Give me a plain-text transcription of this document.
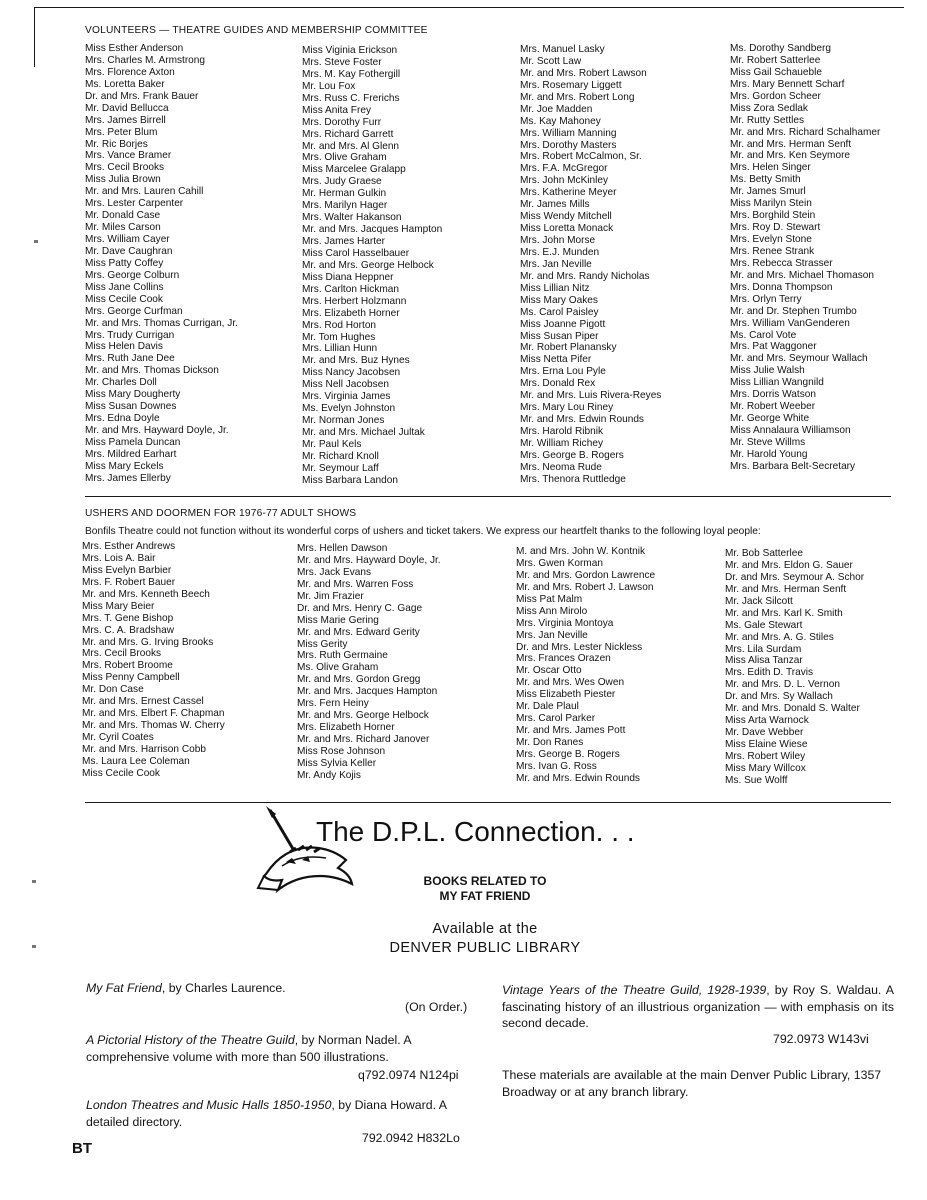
VOLUNTEERS — THEATRE GUIDES AND MEMBERSHIP COMMITTEE
Miss Esther Anderson
Mrs. Charles M. Armstrong
Mrs. Florence Axton
Ms. Loretta Baker
Dr. and Mrs. Frank Bauer
Mr. David Bellucca
Mrs. James Birrell
Mrs. Peter Blum
Mr. Ric Borjes
Mrs. Vance Bramer
Mrs. Cecil Brooks
Miss Julia Brown
Mr. and Mrs. Lauren Cahill
Mrs. Lester Carpenter
Mr. Donald Case
Mr. Miles Carson
Mrs. William Cayer
Mr. Dave Caughran
Miss Patty Coffey
Mrs. George Colburn
Miss Jane Collins
Miss Cecile Cook
Mrs. George Curfman
Mr. and Mrs. Thomas Currigan, Jr.
Mrs. Trudy Currigan
Miss Helen Davis
Mrs. Ruth Jane Dee
Mr. and Mrs. Thomas Dickson
Mr. Charles Doll
Miss Mary Dougherty
Miss Susan Downes
Mrs. Edna Doyle
Mr. and Mrs. Hayward Doyle, Jr.
Miss Pamela Duncan
Mrs. Mildred Earhart
Miss Mary Eckels
Mrs. James Ellerby
Miss Viginia Erickson
Mrs. Steve Foster
Mrs. M. Kay Fothergill
Mr. Lou Fox
Mrs. Russ C. Frerichs
Miss Anita Frey
Mrs. Dorothy Furr
Mrs. Richard Garrett
Mr. and Mrs. Al Glenn
Mrs. Olive Graham
Miss Marcelee Gralapp
Mrs. Judy Graese
Mr. Herman Gulkin
Mrs. Marilyn Hager
Mrs. Walter Hakanson
Mr. and Mrs. Jacques Hampton
Mrs. James Harter
Miss Carol Hasselbauer
Mr. and Mrs. George Helbock
Miss Diana Heppner
Mrs. Carlton Hickman
Mrs. Herbert Holzmann
Mrs. Elizabeth Horner
Mrs. Rod Horton
Mr. Tom Hughes
Mrs. Lillian Hunn
Mr. and Mrs. Buz Hynes
Miss Nancy Jacobsen
Miss Nell Jacobsen
Mrs. Virginia James
Ms. Evelyn Johnston
Mr. Norman Jones
Mr. and Mrs. Michael Jultak
Mr. Paul Kels
Mr. Richard Knoll
Mr. Seymour Laff
Miss Barbara Landon
Mrs. Manuel Lasky
Mr. Scott Law
Mr. and Mrs. Robert Lawson
Mrs. Rosemary Liggett
Mr. and Mrs. Robert Long
Mr. Joe Madden
Ms. Kay Mahoney
Mrs. William Manning
Mrs. Dorothy Masters
Mrs. Robert McCalmon, Sr.
Mrs. F.A. McGregor
Mrs. John McKinley
Mrs. Katherine Meyer
Mr. James Mills
Miss Wendy Mitchell
Miss Loretta Monack
Mrs. John Morse
Mrs. E.J. Munden
Mrs. Jan Neville
Mr. and Mrs. Randy Nicholas
Miss Lillian Nitz
Miss Mary Oakes
Ms. Carol Paisley
Miss Joanne Pigott
Miss Susan Piper
Mr. Robert Planansky
Miss Netta Pifer
Mrs. Erna Lou Pyle
Mrs. Donald Rex
Mr. and Mrs. Luis Rivera-Reyes
Mrs. Mary Lou Riney
Mr. and Mrs. Edwin Rounds
Mrs. Harold Ribnik
Mr. William Richey
Mrs. George B. Rogers
Mrs. Neoma Rude
Mrs. Thenora Ruttledge
Ms. Dorothy Sandberg
Mr. Robert Satterlee
Miss Gail Schaueble
Mrs. Mary Bennett Scharf
Mrs. Gordon Scheer
Miss Zora Sedlak
Mr. Rutty Settles
Mr. and Mrs. Richard Schalhamer
Mr. and Mrs. Herman Senft
Mr. and Mrs. Ken Seymore
Mrs. Helen Singer
Ms. Betty Smith
Mr. James Smurl
Miss Marilyn Stein
Mrs. Borghild Stein
Mrs. Roy D. Stewart
Mrs. Evelyn Stone
Mrs. Renee Strank
Mrs. Rebecca Strasser
Mr. and Mrs. Michael Thomason
Mrs. Donna Thompson
Mrs. Orlyn Terry
Mr. and Dr. Stephen Trumbo
Mrs. William VanGenderen
Ms. Carol Vote
Mrs. Pat Waggoner
Mr. and Mrs. Seymour Wallach
Miss Julie Walsh
Miss Lillian Wangnild
Mrs. Dorris Watson
Mr. Robert Weeber
Mr. George White
Miss Annalaura Williamson
Mr. Steve Willms
Mr. Harold Young
Mrs. Barbara Belt-Secretary
USHERS AND DOORMEN FOR 1976-77 ADULT SHOWS
Bonfils Theatre could not function without its wonderful corps of ushers and ticket takers. We express our heartfelt thanks to the following loyal people:
Mrs. Esther Andrews
Mrs. Lois A. Bair
Miss Evelyn Barbier
Mrs. F. Robert Bauer
Mr. and Mrs. Kenneth Beech
Miss Mary Beier
Mrs. T. Gene Bishop
Mrs. C. A. Bradshaw
Mr. and Mrs. G. Irving Brooks
Mrs. Cecil Brooks
Mrs. Robert Broome
Miss Penny Campbell
Mr. Don Case
Mr. and Mrs. Ernest Cassel
Mr. and Mrs. Elbert F. Chapman
Mr. and Mrs. Thomas W. Cherry
Mr. Cyril Coates
Mr. and Mrs. Harrison Cobb
Ms. Laura Lee Coleman
Miss Cecile Cook
Mrs. Hellen Dawson
Mr. and Mrs. Hayward Doyle, Jr.
Mrs. Jack Evans
Mr. and Mrs. Warren Foss
Mr. Jim Frazier
Dr. and Mrs. Henry C. Gage
Miss Marie Gering
Mr. and Mrs. Edward Gerity
Miss Gerity
Mrs. Ruth Germaine
Ms. Olive Graham
Mr. and Mrs. Gordon Gregg
Mr. and Mrs. Jacques Hampton
Mrs. Fern Heiny
Mr. and Mrs. George Helbock
Mrs. Elizabeth Horner
Mr. and Mrs. Richard Janover
Miss Rose Johnson
Miss Sylvia Keller
Mr. Andy Kojis
M. and Mrs. John W. Kontnik
Mrs. Gwen Korman
Mr. and Mrs. Gordon Lawrence
Mr. and Mrs. Robert J. Lawson
Miss Pat Malm
Miss Ann Mirolo
Mrs. Virginia Montoya
Mrs. Jan Neville
Dr. and Mrs. Lester Nickless
Mrs. Frances Orazen
Mr. Oscar Otto
Mr. and Mrs. Wes Owen
Miss Elizabeth Piester
Mr. Dale Plaul
Mrs. Carol Parker
Mr. and Mrs. James Pott
Mr. Don Ranes
Mrs. George B. Rogers
Mrs. Ivan G. Ross
Mr. and Mrs. Edwin Rounds
Mr. Bob Satterlee
Mr. and Mrs. Eldon G. Sauer
Dr. and Mrs. Seymour A. Schor
Mr. and Mrs. Herman Senft
Mr. Jack Silcott
Mr. and Mrs. Karl K. Smith
Ms. Gale Stewart
Mr. and Mrs. A. G. Stiles
Mrs. Lila Surdam
Miss Alisa Tanzar
Mrs. Edith D. Travis
Mr. and Mrs. D. L. Vernon
Dr. and Mrs. Sy Wallach
Mr. and Mrs. Donald S. Walter
Miss Arta Warnock
Mr. Dave Webber
Miss Elaine Wiese
Mrs. Robert Wiley
Miss Mary Willcox
Ms. Sue Wolff
The D.P.L. Connection. . .
BOOKS RELATED TO
MY FAT FRIEND
Available at the
DENVER PUBLIC LIBRARY
My Fat Friend, by Charles Laurence.
(On Order.)
A Pictorial History of the Theatre Guild, by Norman Nadel. A comprehensive volume with more than 500 illustrations.
q792.0974 N124pi
London Theatres and Music Halls 1850-1950, by Diana Howard. A detailed directory.
792.0942 H832Lo
Vintage Years of the Theatre Guild, 1928-1939, by Roy S. Waldau. A fascinating history of an illustrious organization — with emphasis on its second decade.
792.0973 W143vi
These materials are available at the main Denver Public Library, 1357 Broadway or at any branch library.
BT
